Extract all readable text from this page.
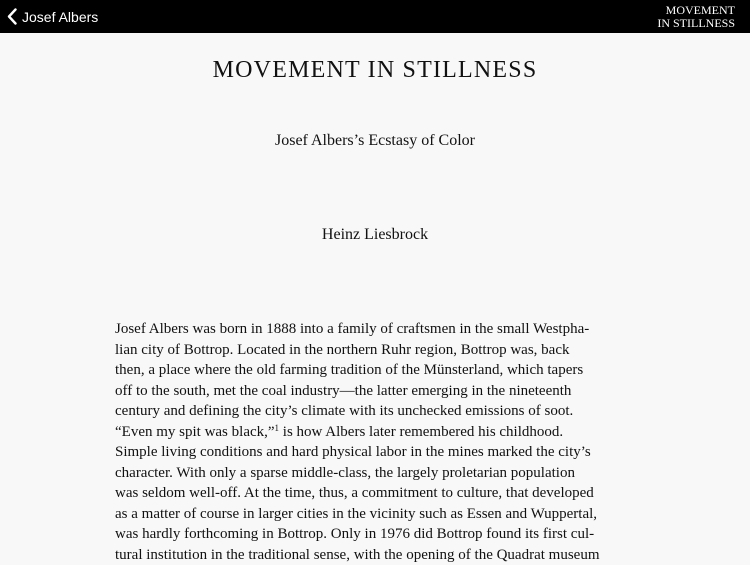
Josef Albers	MOVEMENT
IN STILLNESS
MOVEMENT IN STILLNESS
Josef Albers’s Ecstasy of Color
Heinz Liesbrock
Josef Albers was born in 1888 into a family of craftsmen in the small Westpha-
lian city of Bottrop. Located in the northern Ruhr region, Bottrop was, back
then, a place where the old farming tradition of the Münsterland, which tapers
off to the south, met the coal industry—the latter emerging in the nineteenth
century and defining the city’s climate with its unchecked emissions of soot.
“Even my spit was black,”$^1$ is how Albers later remembered his childhood.
Simple living conditions and hard physical labor in the mines marked the city’s
character. With only a sparse middle-class, the largely proletarian population
was seldom well-off. At the time, thus, a commitment to culture, that developed
as a matter of course in larger cities in the vicinity such as Essen and Wuppertal,
was hardly forthcoming in Bottrop. Only in 1976 did Bottrop found its first cul-
tural institution in the traditional sense, with the opening of the Quadrat museum
